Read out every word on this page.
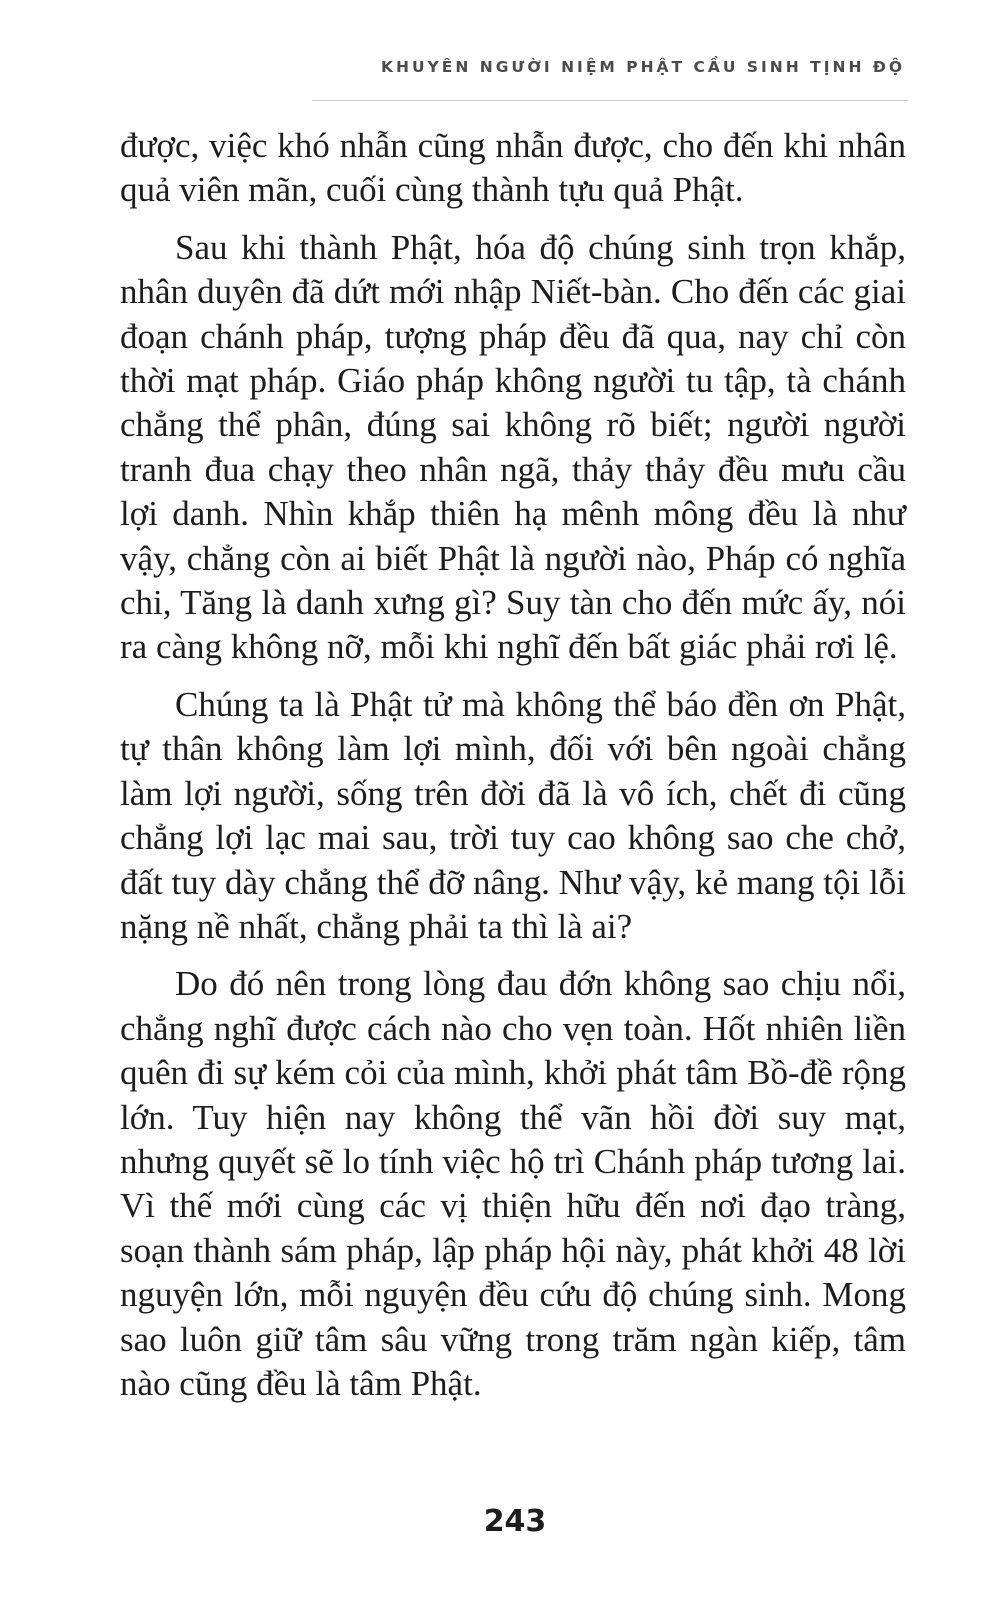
KHUYÊN NGƯỜI NIỆM PHẬT CẦU SINH TỊNH ĐỘ

được, việc khó nhẫn cũng nhẫn được, cho đến khi nhân quả viên mãn, cuối cùng thành tựu quả Phật.

Sau khi thành Phật, hóa độ chúng sinh trọn khắp, nhân duyên đã dứt mới nhập Niết-bàn. Cho đến các giai đoạn chánh pháp, tượng pháp đều đã qua, nay chỉ còn thời mạt pháp. Giáo pháp không người tu tập, tà chánh chẳng thể phân, đúng sai không rõ biết; người người tranh đua chạy theo nhân ngã, thảy thảy đều mưu cầu lợi danh. Nhìn khắp thiên hạ mênh mông đều là như vậy, chẳng còn ai biết Phật là người nào, Pháp có nghĩa chi, Tăng là danh xưng gì? Suy tàn cho đến mức ấy, nói ra càng không nỡ, mỗi khi nghĩ đến bất giác phải rơi lệ.

Chúng ta là Phật tử mà không thể báo đền ơn Phật, tự thân không làm lợi mình, đối với bên ngoài chẳng làm lợi người, sống trên đời đã là vô ích, chết đi cũng chẳng lợi lạc mai sau, trời tuy cao không sao che chở, đất tuy dày chẳng thể đỡ nâng. Như vậy, kẻ mang tội lỗi nặng nề nhất, chẳng phải ta thì là ai?

Do đó nên trong lòng đau đớn không sao chịu nổi, chẳng nghĩ được cách nào cho vẹn toàn. Hốt nhiên liền quên đi sự kém cỏi của mình, khởi phát tâm Bồ-đề rộng lớn. Tuy hiện nay không thể vãn hồi đời suy mạt, nhưng quyết sẽ lo tính việc hộ trì Chánh pháp tương lai. Vì thế mới cùng các vị thiện hữu đến nơi đạo tràng, soạn thành sám pháp, lập pháp hội này, phát khởi 48 lời nguyện lớn, mỗi nguyện đều cứu độ chúng sinh. Mong sao luôn giữ tâm sâu vững trong trăm ngàn kiếp, tâm nào cũng đều là tâm Phật.

243
